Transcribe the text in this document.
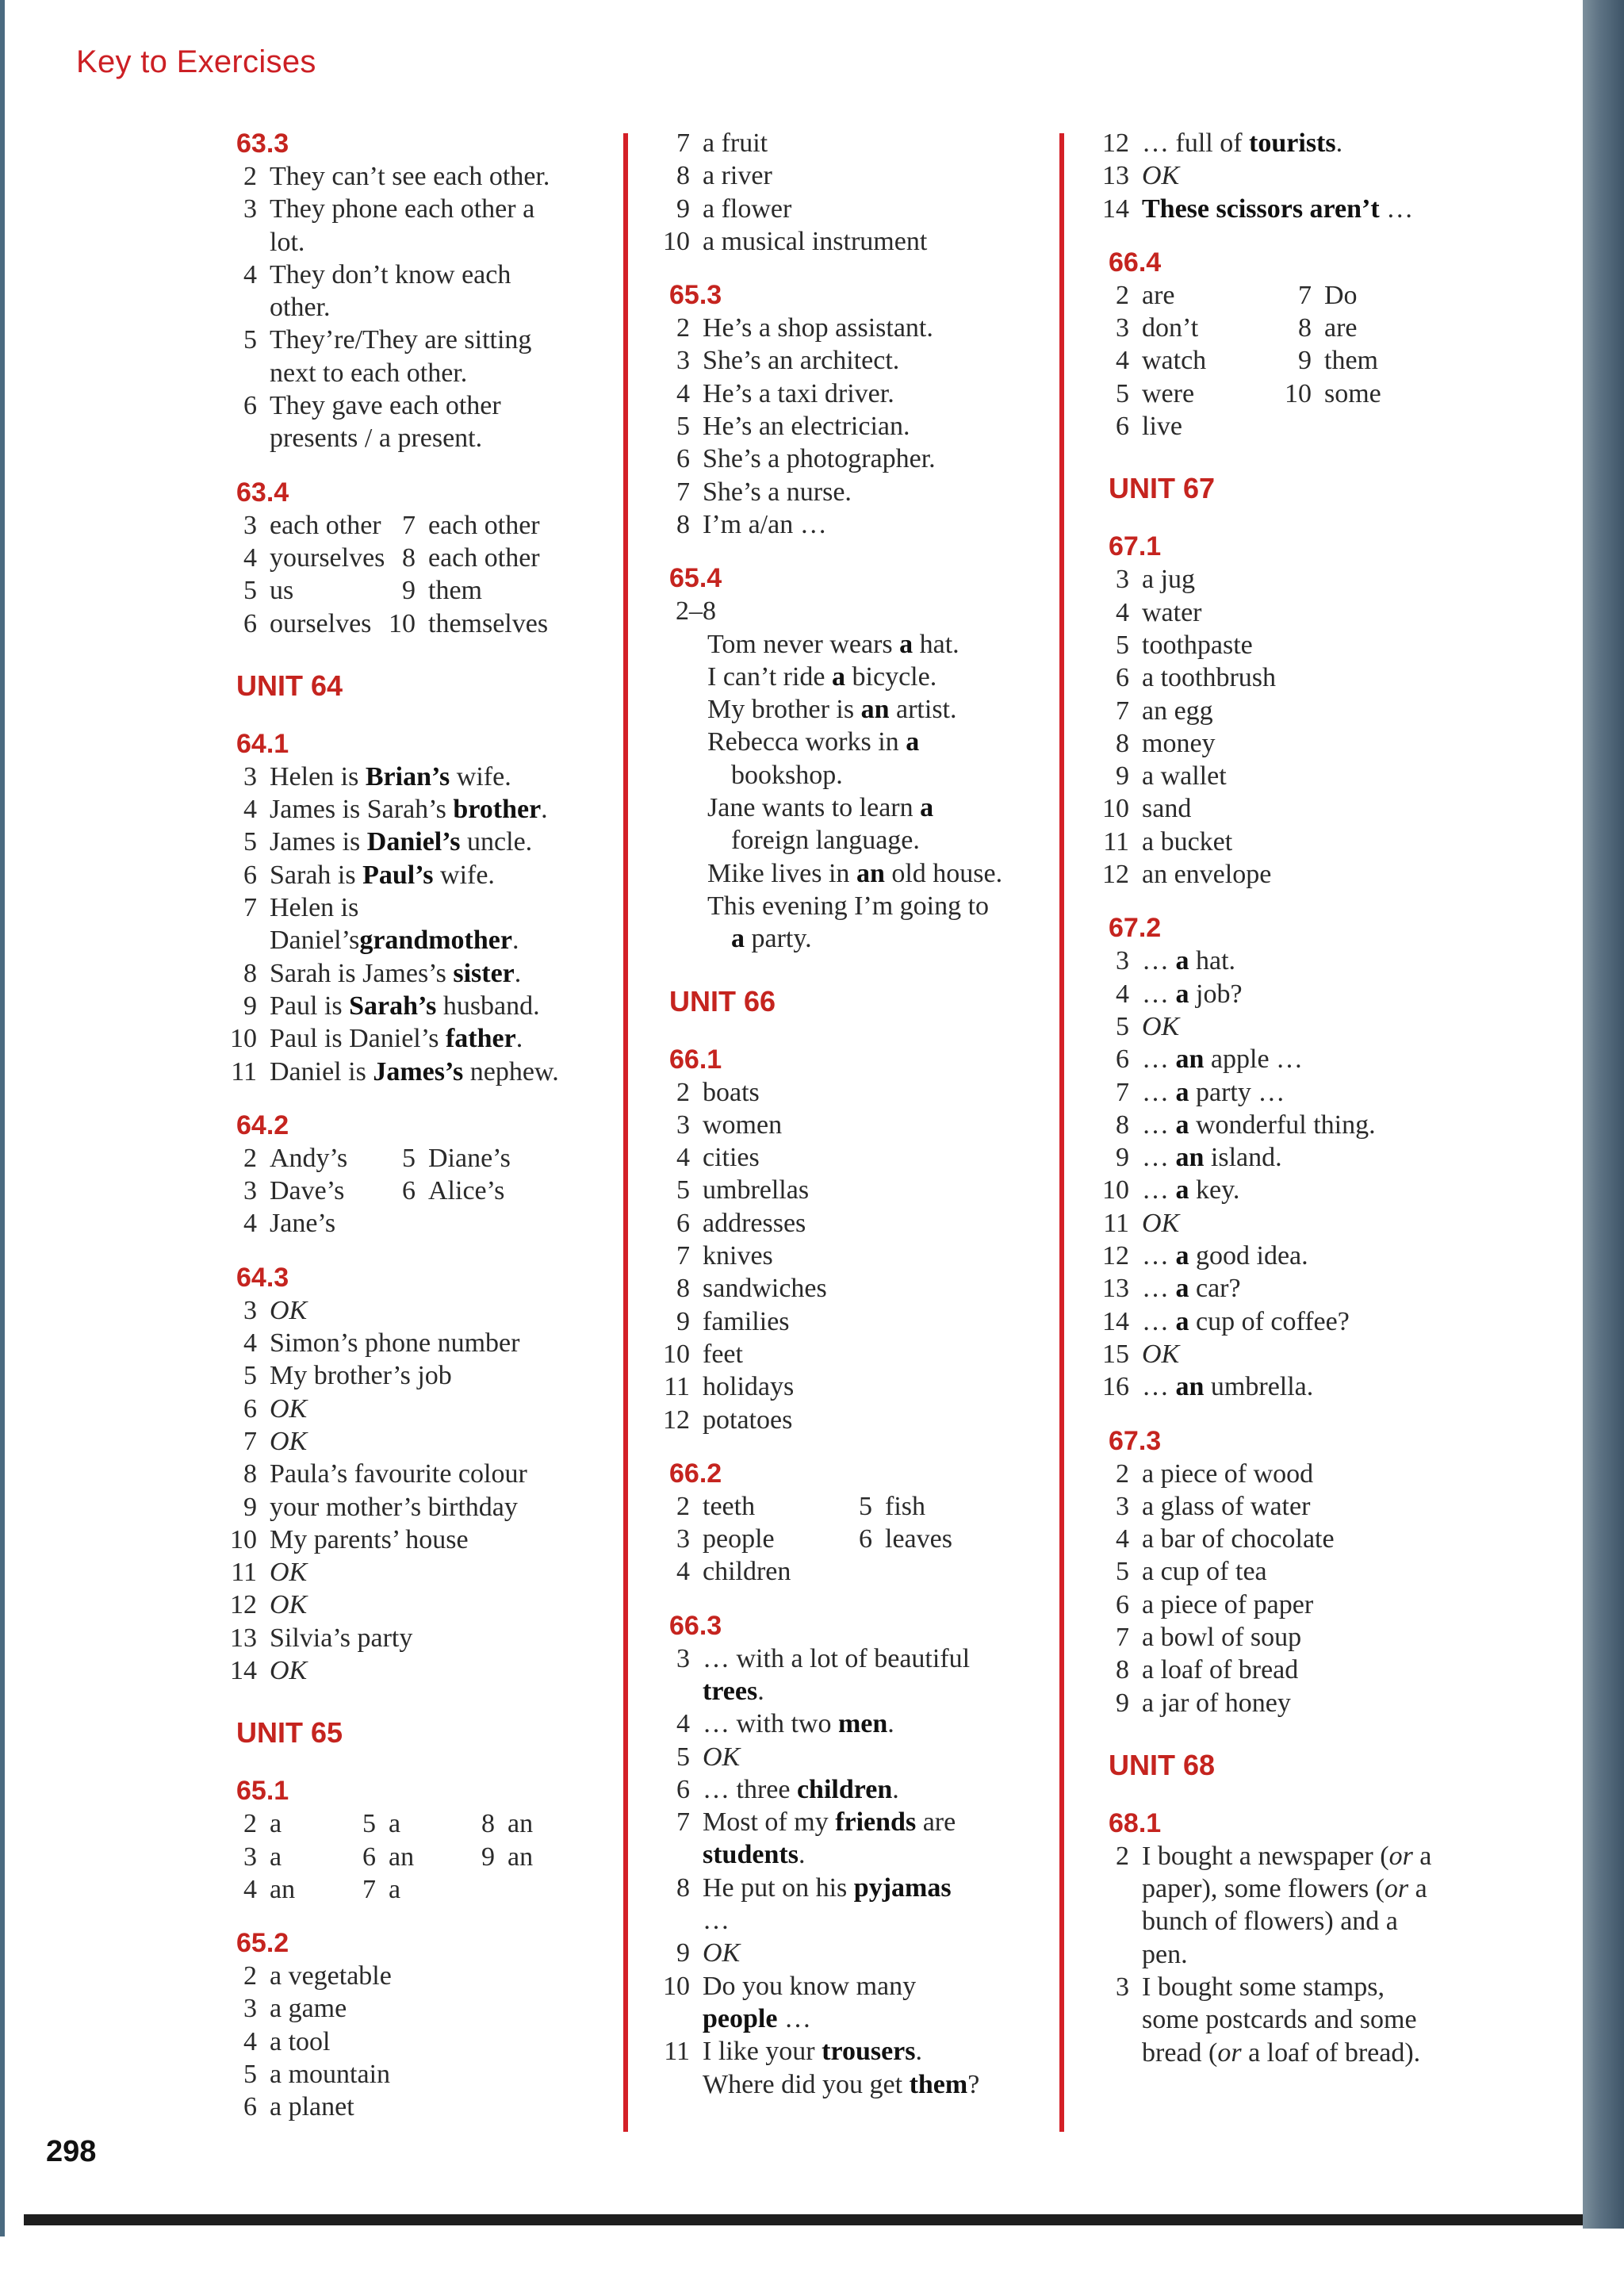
Key to Exercises
63.3
2 They can’t see each other.
3 They phone each other a
lot.
4 They don’t know each
other.
5 They’re/They are sitting
next to each other.
6 They gave each other
presents / a present.
63.4
3 each other 7 each other
4 yourselves 8 each other
5 us	9 them
6 ourselves 10 themselves
UNIT 64
64.1
3 Helen is Brian’s wife.
4 James is Sarah’s brother.
5 James is Daniel’s uncle.
6 Sarah is Paul’s wife.
7 Helen is Daniel’sgrandmother.
8 Sarah is James’s sister.
9 Paul is Sarah’s husband.
10 Paul is Daniel’s father.
11 Daniel is James’s nephew.
64.2
2 Andy’s	5 Diane’s
3 Dave’s	6 Alice’s
4 Jane’s
64.3
3 OK
4 Simon’s phone number
5 My brother’s job
6 OK
7 OK
8 Paula’s favourite colour
9 your mother’s birthday
10 My parents’ house
11 OK
12 OK
13 Silvia’s party
14 OK
UNIT 65
65.1
2 a	5 a	8 an
3 a	6 an	9 an
4 an	7 a
65.2
2 a vegetable
3 a game
4 a tool
5 a mountain
6 a planet
7 a fruit
8 a river
9 a flower
10 a musical instrument
65.3
2 He’s a shop assistant.
3 She’s an architect.
4 He’s a taxi driver.
5 He’s an electrician.
6 She’s a photographer.
7 She’s a nurse.
8 I’m a/an …
65.4
2–8
Tom never wears a hat.
I can’t ride a bicycle.
My brother is an artist.
Rebecca works in a
bookshop.
Jane wants to learn a
foreign language.
Mike lives in an old house.
This evening I’m going to
a party.
UNIT 66
66.1
2 boats
3 women
4 cities
5 umbrellas
6 addresses
7 knives
8 sandwiches
9 families
10 feet
11 holidays
12 potatoes
66.2
2 teeth	5 fish
3 people	6 leaves
4 children
66.3
3 … with a lot of beautiful
trees.
4 … with two men.
5 OK
6 … three children.
7 Most of my friends are
students.
8 He put on his pyjamas
…
9 OK
10 Do you know many
people …
11 I like your trousers.
Where did you get them?
12 … full of tourists.
13 OK
14 These scissors aren’t …
66.4
2 are	7 Do
3 don’t	8 are
4 watch	9 them
5 were	10 some
6 live
UNIT 67
67.1
3 a jug
4 water
5 toothpaste
6 a toothbrush
7 an egg
8 money
9 a wallet
10 sand
11 a bucket
12 an envelope
67.2
3 … a hat.
4 … a job?
5 OK
6 … an apple …
7 … a party …
8 … a wonderful thing.
9 … an island.
10 … a key.
11 OK
12 … a good idea.
13 … a car?
14 … a cup of coffee?
15 OK
16 … an umbrella.
67.3
2 a piece of wood
3 a glass of water
4 a bar of chocolate
5 a cup of tea
6 a piece of paper
7 a bowl of soup
8 a loaf of bread
9 a jar of honey
UNIT 68
68.1
2 I bought a newspaper (or a
paper), some flowers (or a
bunch of flowers) and a
pen.
3 I bought some stamps,
some postcards and some
bread (or a loaf of bread).
298
